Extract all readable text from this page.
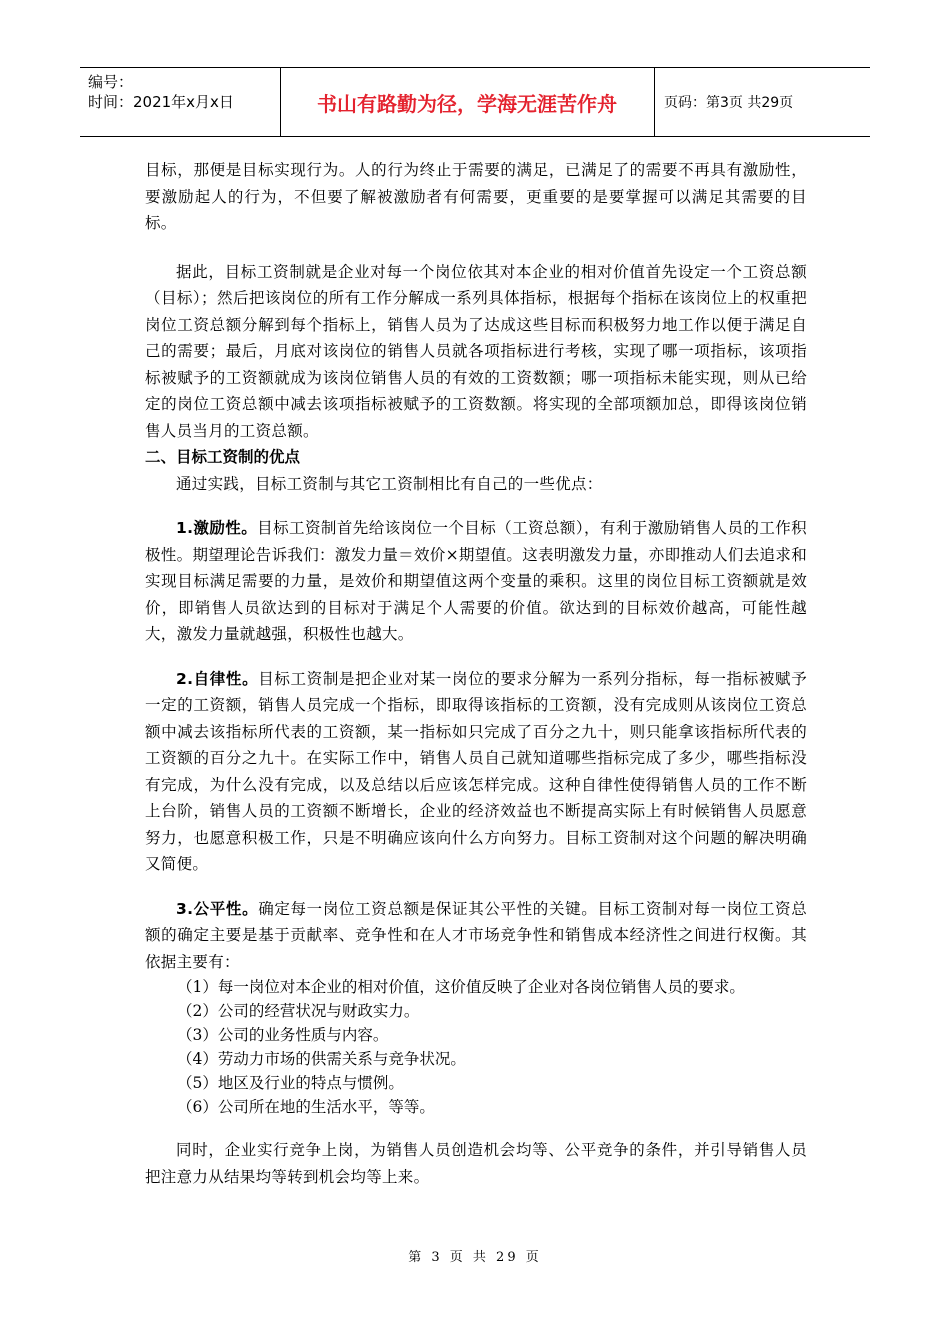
编号：
时间：2021年x月x日	书山有路勤为径，学海无涯苦作舟	页码：第3页 共29页

目标，那便是目标实现行为。人的行为终止于需要的满足，已满足了的需要不再具有激励性，要激励起人的行为，不但要了解被激励者有何需要，更重要的是要掌握可以满足其需要的目标。

据此，目标工资制就是企业对每一个岗位依其对本企业的相对价值首先设定一个工资总额（目标）；然后把该岗位的所有工作分解成一系列具体指标，根据每个指标在该岗位上的权重把岗位工资总额分解到每个指标上，销售人员为了达成这些目标而积极努力地工作以便于满足自己的需要；最后，月底对该岗位的销售人员就各项指标进行考核，实现了哪一项指标，该项指标被赋予的工资额就成为该岗位销售人员的有效的工资数额；哪一项指标未能实现，则从已给定的岗位工资总额中减去该项指标被赋予的工资数额。将实现的全部项额加总，即得该岗位销售人员当月的工资总额。

二、目标工资制的优点

通过实践，目标工资制与其它工资制相比有自己的一些优点：

1.激励性。目标工资制首先给该岗位一个目标（工资总额），有利于激励销售人员的工作积极性。期望理论告诉我们：激发力量＝效价×期望值。这表明激发力量，亦即推动人们去追求和实现目标满足需要的力量，是效价和期望值这两个变量的乘积。这里的岗位目标工资额就是效价，即销售人员欲达到的目标对于满足个人需要的价值。欲达到的目标效价越高，可能性越大，激发力量就越强，积极性也越大。

2.自律性。目标工资制是把企业对某一岗位的要求分解为一系列分指标，每一指标被赋予一定的工资额，销售人员完成一个指标，即取得该指标的工资额，没有完成则从该岗位工资总额中减去该指标所代表的工资额，某一指标如只完成了百分之九十，则只能拿该指标所代表的工资额的百分之九十。在实际工作中，销售人员自己就知道哪些指标完成了多少，哪些指标没有完成，为什么没有完成，以及总结以后应该怎样完成。这种自律性使得销售人员的工作不断上台阶，销售人员的工资额不断增长，企业的经济效益也不断提高实际上有时候销售人员愿意努力，也愿意积极工作，只是不明确应该向什么方向努力。目标工资制对这个问题的解决明确又简便。

3.公平性。确定每一岗位工资总额是保证其公平性的关键。目标工资制对每一岗位工资总额的确定主要是基于贡献率、竞争性和在人才市场竞争性和销售成本经济性之间进行权衡。其依据主要有：

（1）每一岗位对本企业的相对价值，这价值反映了企业对各岗位销售人员的要求。
（2）公司的经营状况与财政实力。
（3）公司的业务性质与内容。
（4）劳动力市场的供需关系与竞争状况。
（5）地区及行业的特点与惯例。
（6）公司所在地的生活水平，等等。

同时，企业实行竞争上岗，为销售人员创造机会均等、公平竞争的条件，并引导销售人员把注意力从结果均等转到机会均等上来。

第 3 页 共 29 页
